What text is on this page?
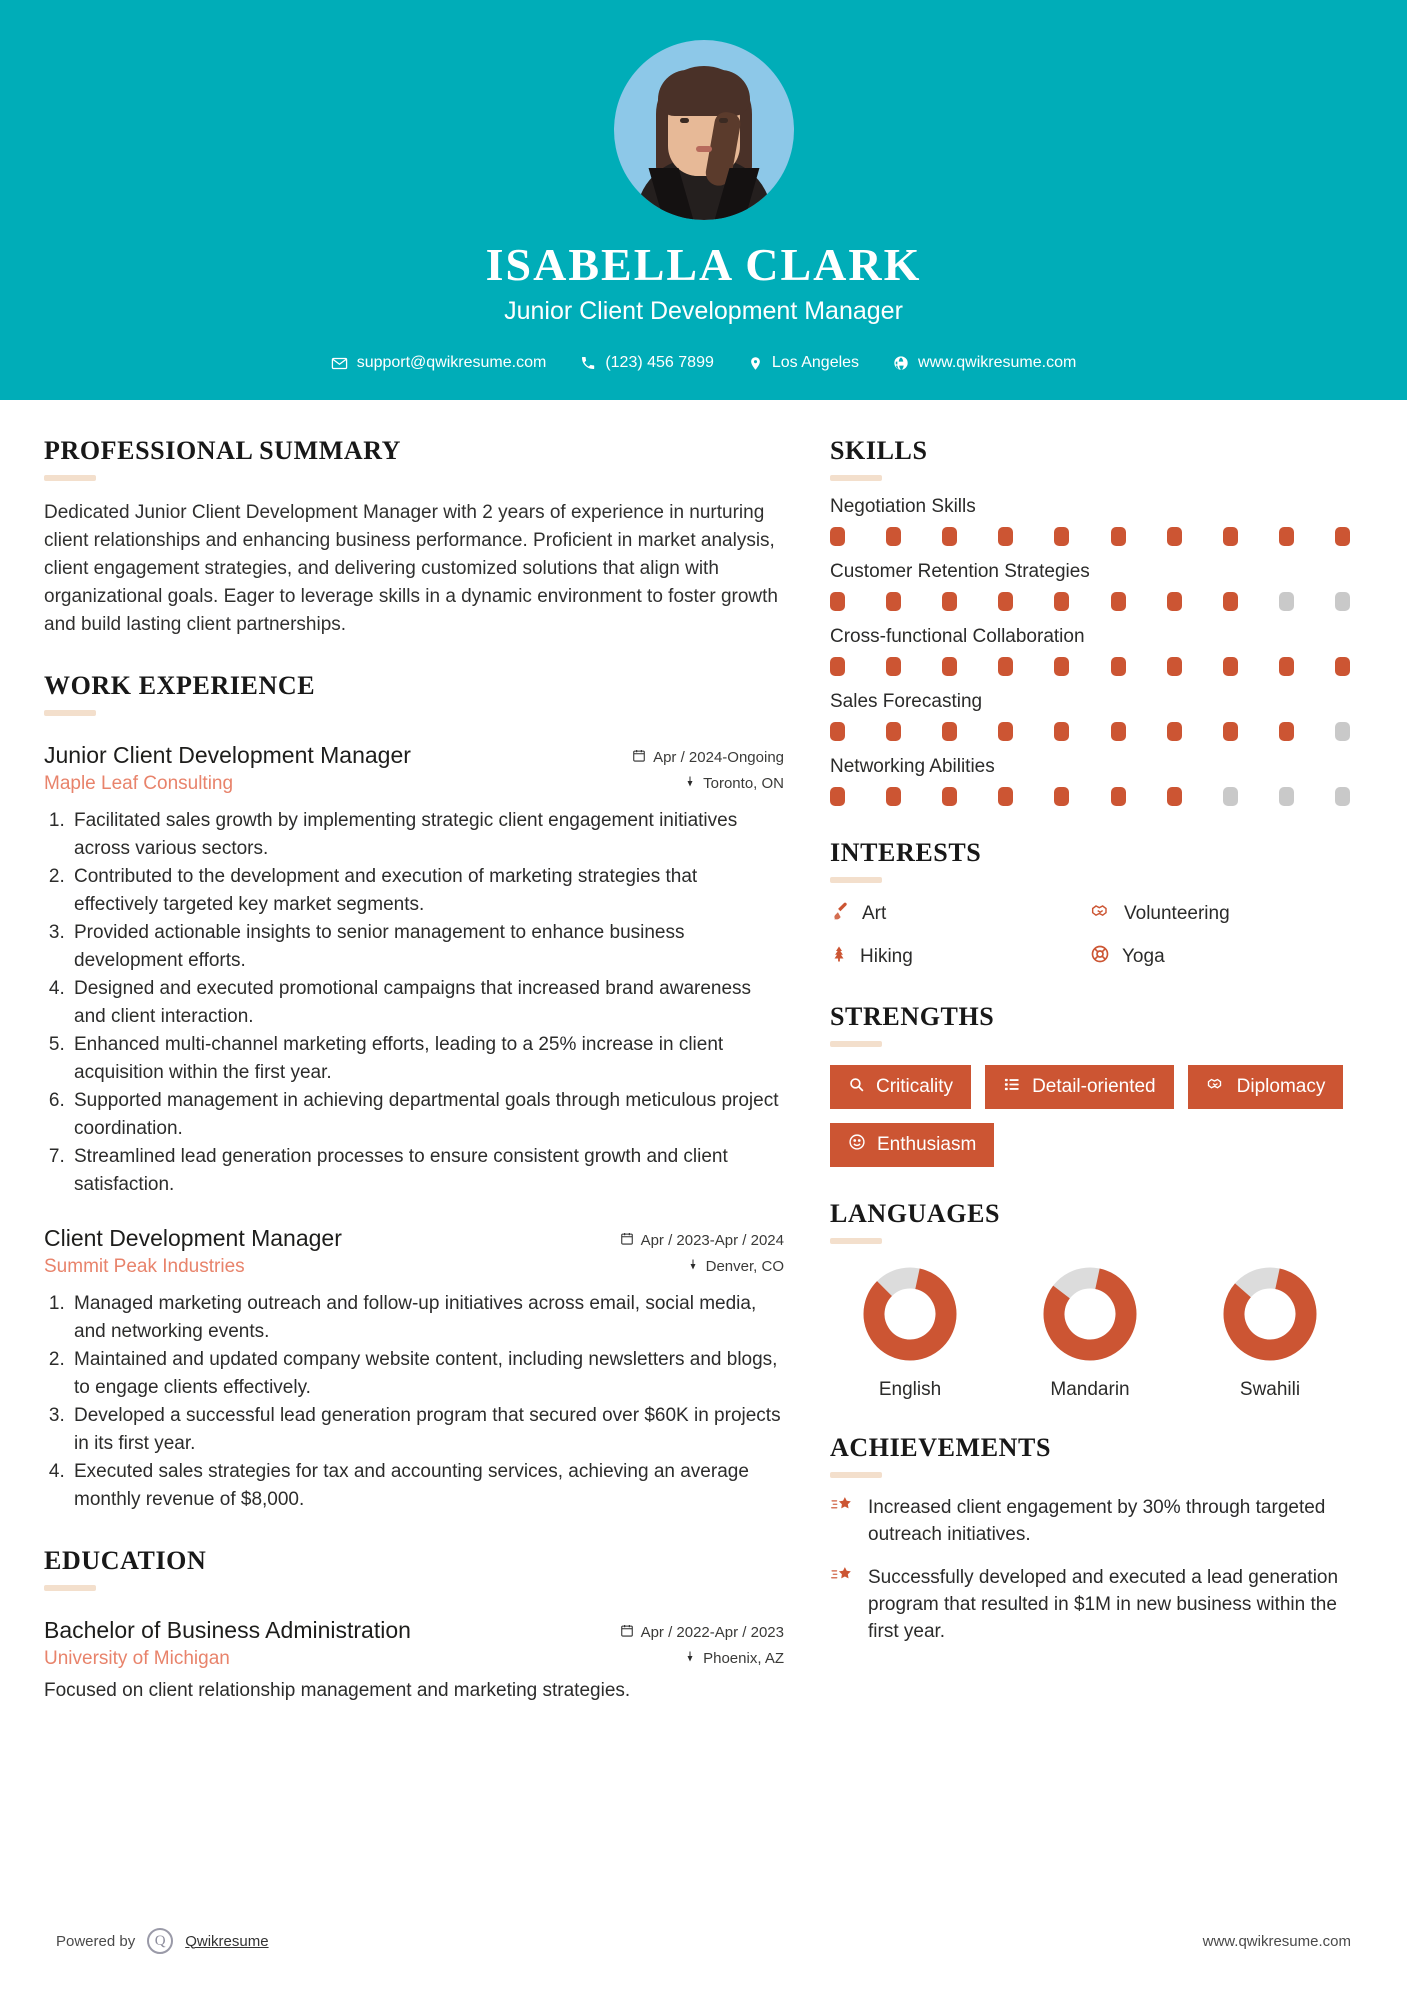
ISABELLA CLARK
Junior Client Development Manager
support@qwikresume.com	(123) 456 7899	Los Angeles	www.qwikresume.com
PROFESSIONAL SUMMARY
Dedicated Junior Client Development Manager with 2 years of experience in nurturing client relationships and enhancing business performance. Proficient in market analysis, client engagement strategies, and delivering customized solutions that align with organizational goals. Eager to leverage skills in a dynamic environment to foster growth and build lasting client partnerships.
WORK EXPERIENCE
Junior Client Development Manager	Apr / 2024-Ongoing
Maple Leaf Consulting	Toronto, ON
1. Facilitated sales growth by implementing strategic client engagement initiatives across various sectors.
2. Contributed to the development and execution of marketing strategies that effectively targeted key market segments.
3. Provided actionable insights to senior management to enhance business development efforts.
4. Designed and executed promotional campaigns that increased brand awareness and client interaction.
5. Enhanced multi-channel marketing efforts, leading to a 25% increase in client acquisition within the first year.
6. Supported management in achieving departmental goals through meticulous project coordination.
7. Streamlined lead generation processes to ensure consistent growth and client satisfaction.
Client Development Manager	Apr / 2023-Apr / 2024
Summit Peak Industries	Denver, CO
1. Managed marketing outreach and follow-up initiatives across email, social media, and networking events.
2. Maintained and updated company website content, including newsletters and blogs, to engage clients effectively.
3. Developed a successful lead generation program that secured over $60K in projects in its first year.
4. Executed sales strategies for tax and accounting services, achieving an average monthly revenue of $8,000.
EDUCATION
Bachelor of Business Administration	Apr / 2022-Apr / 2023
University of Michigan	Phoenix, AZ
Focused on client relationship management and marketing strategies.
SKILLS
Negotiation Skills
Customer Retention Strategies
Cross-functional Collaboration
Sales Forecasting
Networking Abilities
INTERESTS
Art	Volunteering
Hiking	Yoga
STRENGTHS
Criticality	Detail-oriented	Diplomacy
Enthusiasm
LANGUAGES
English	Mandarin	Swahili
ACHIEVEMENTS
Increased client engagement by 30% through targeted outreach initiatives.
Successfully developed and executed a lead generation program that resulted in $1M in new business within the first year.
Powered by	Q	Qwikresume	www.qwikresume.com
